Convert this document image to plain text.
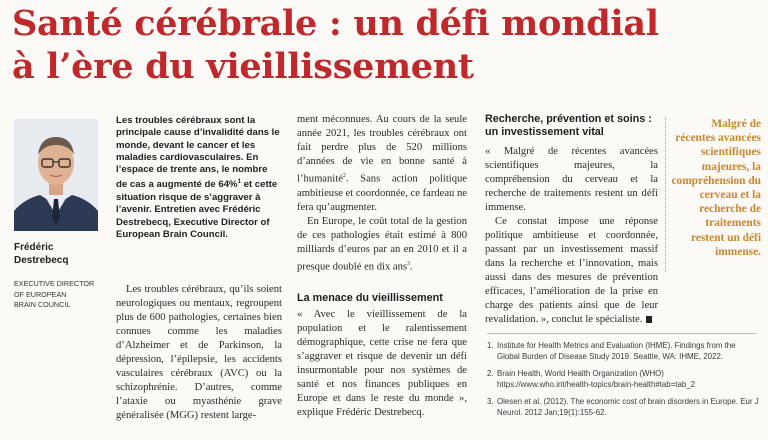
Santé cérébrale : un défi mondial
à l’ère du vieillissement
Frédéric
Destrebecq
EXECUTIVE DIRECTOR
OF EUROPEAN
BRAIN COUNCIL
Les troubles cérébraux sont la principale cause d’invalidité dans le monde, devant le cancer et les maladies cardiovasculaires. En l’espace de trente ans, le nombre de cas a augmenté de 64%$^1$ et cette situation risque de s’aggraver à l’avenir. Entretien avec Frédéric Destrebecq, Executive Director of European Brain Council.

Les troubles cérébraux, qu’ils soient neurologiques ou mentaux, regroupent plus de 600 pathologies, certaines bien connues comme les maladies d’Alzheimer et de Parkinson, la dépression, l’épilepsie, les accidents vasculaires cérébraux (AVC) ou la schizophrénie. D’autres, comme l’ataxie ou myasthénie grave généralisée (MGG) restent large-

ment méconnues. Au cours de la seule année 2021, les troubles cérébraux ont fait perdre plus de 520 millions d’années de vie en bonne santé à l’humanité$^2$. Sans action politique ambitieuse et coordonnée, ce fardeau ne fera qu’augmenter.

En Europe, le coût total de la gestion de ces pathologies était estimé à 800 milliards d’euros par an en 2010 et il a presque doublé en dix ans$^3$.

La menace du vieillissement

« Avec le vieillissement de la population et le ralentissement démographique, cette crise ne fera que s’aggraver et risque de devenir un défi insurmontable pour nos systèmes de santé et nos finances publiques en Europe et dans le reste du monde », explique Frédéric Destrebecq.

Recherche, prévention et soins : un investissement vital

« Malgré de récentes avancées scientifiques majeures, la compréhension du cerveau et la recherche de traitements restent un défi immense.

Ce constat impose une réponse politique ambitieuse et coordonnée, passant par un investissement massif dans la recherche et l’innovation, mais aussi dans des mesures de prévention efficaces, l’amélioration de la prise en charge des patients ainsi que de leur revalidation. », conclut le spécialiste.

Malgré de récentes avancées scientifiques majeures, la compréhension du cerveau et la recherche de traitements restent un défi immense.
1. Institute for Health Metrics and Evaluation (IHME). Findings from the Global Burden of Disease Study 2019. Seattle, WA: IHME, 2022.
2. Brain Health, World Health Organization (WHO) https://www.who.int/health-topics/brain-health#tab=tab_2
3. Olesen et al. (2012). The economic cost of brain disorders in Europe. Eur J Neurol. 2012 Jan;19(1):155-62.
